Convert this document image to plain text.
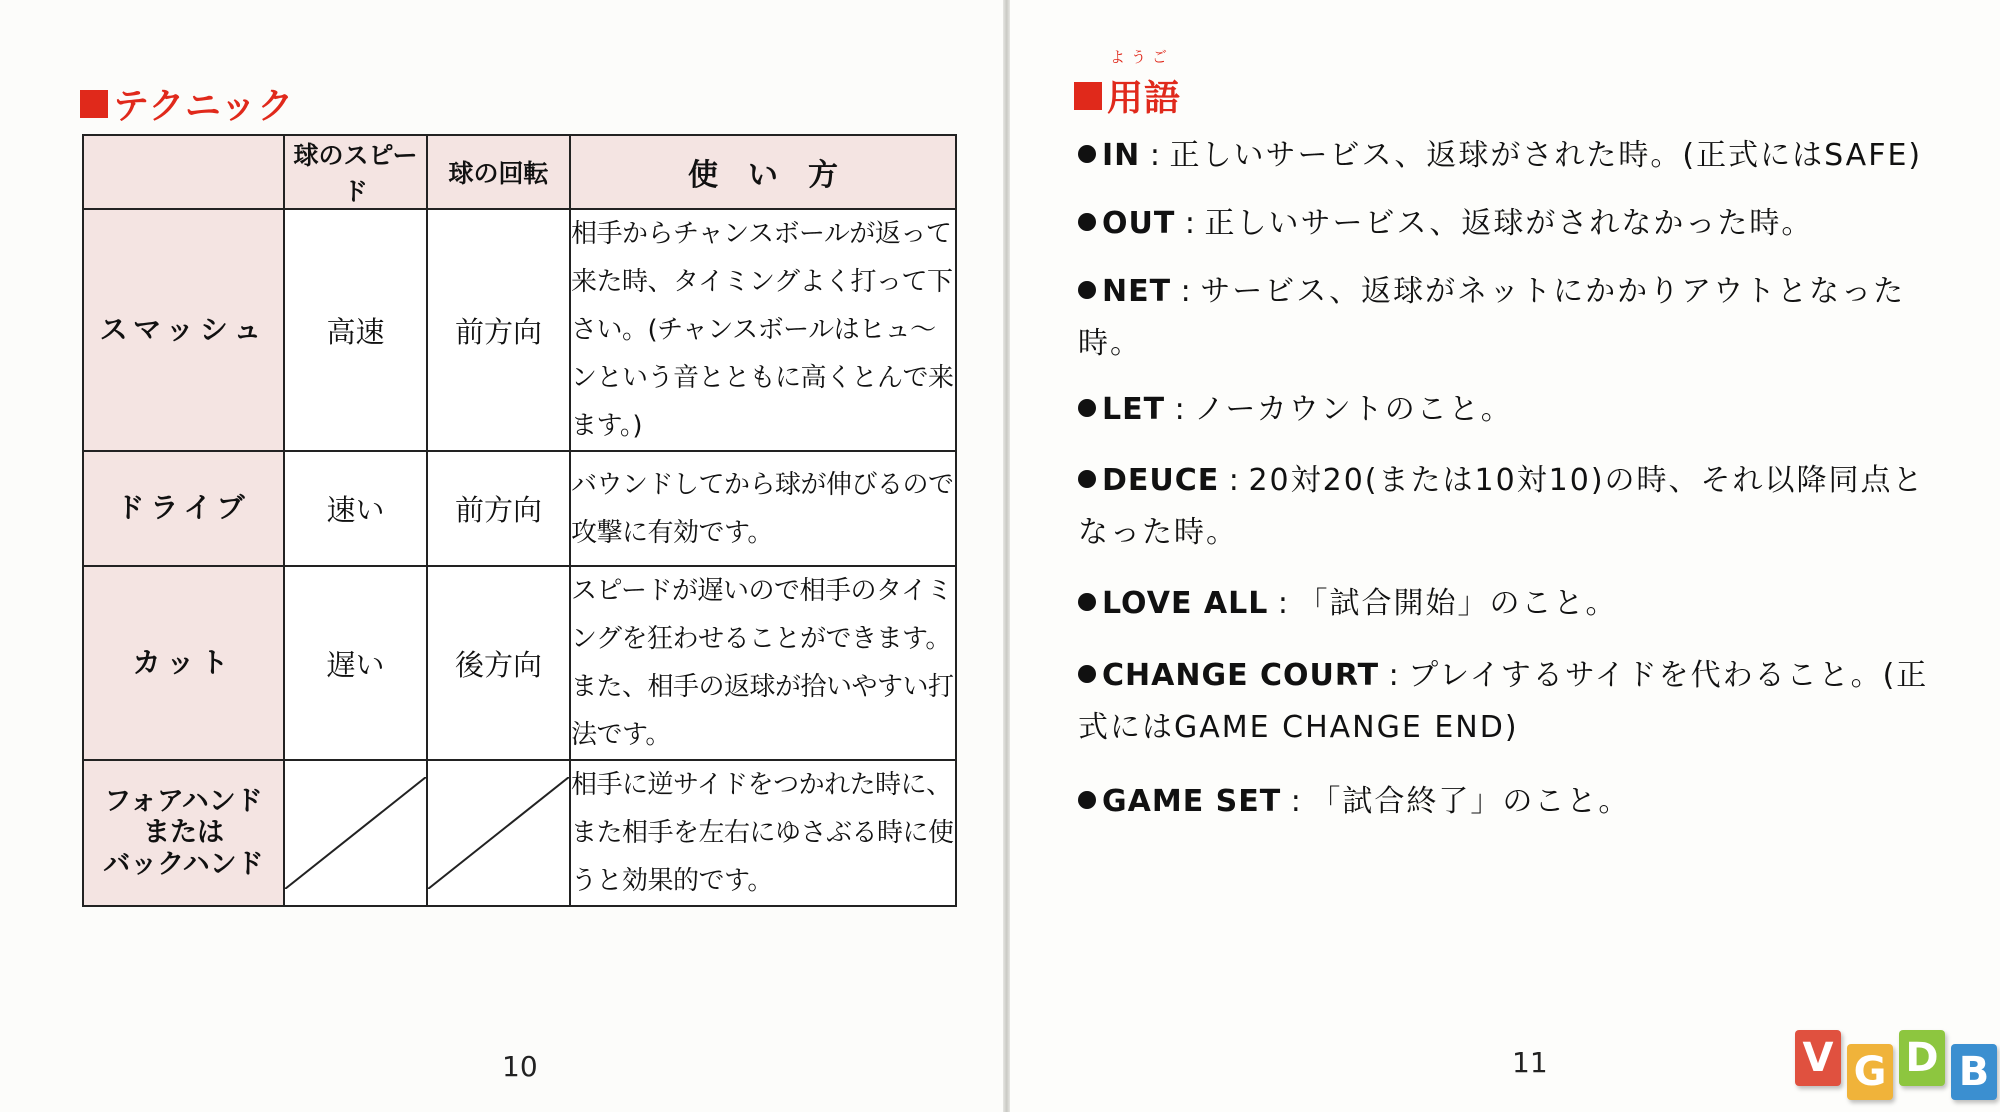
テクニック
	球のスピード	球の回転	使　い　方
スマッシュ	高速	前方向	相手からチャンスボールが返って来た時、タイミングよく打って下さい。(チャンスボールはヒュ～ンという音とともに高くとんで来ます。)
ドライブ	速い	前方向	バウンドしてから球が伸びるので攻撃に有効です。
カット	遅い	後方向	スピードが遅いので相手のタイミングを狂わせることができます。また、相手の返球が拾いやすい打法です。
フォアハンド
または
バックハンド			相手に逆サイドをつかれた時に、また相手を左右にゆさぶる時に使うと効果的です。
10
ようご
用語
11
IN : 正しいサービス、返球がされた時。(正式にはSAFE)
OUT : 正しいサービス、返球がされなかった時。
NET : サービス、返球がネットにかかりアウトとなった時。
LET : ノーカウントのこと。
DEUCE : 20対20(または10対10)の時、それ以降同点となった時。
LOVE ALL : 「試合開始」のこと。
CHANGE COURT : プレイするサイドを代わること。(正式にはGAME CHANGE END)
GAME SET : 「試合終了」のこと。
V G D B
